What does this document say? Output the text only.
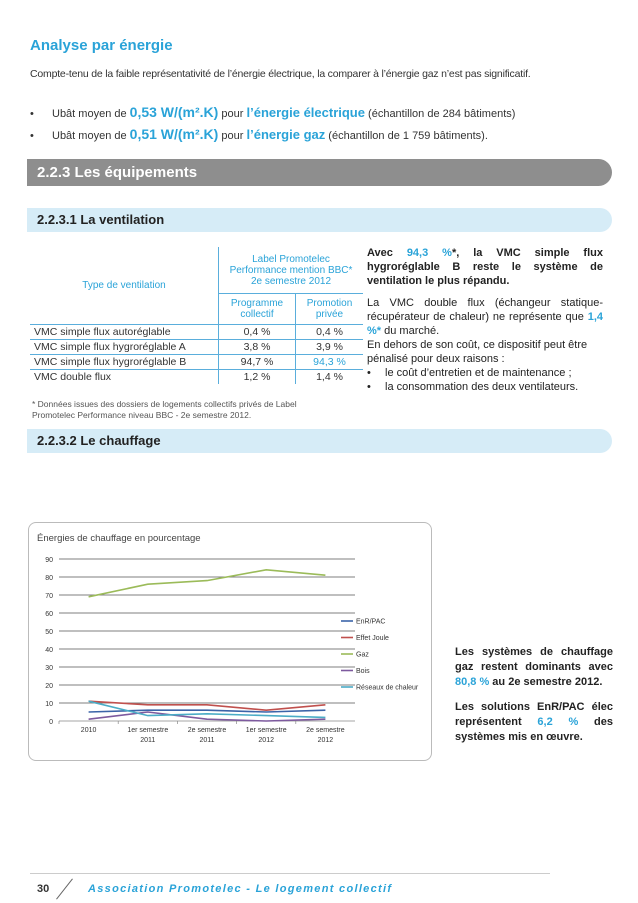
Analyse par énergie
Compte-tenu de la faible représentativité de l’énergie électrique, la comparer à l’énergie gaz n’est pas significatif.
• Ubât moyen de 0,53 W/(m².K) pour l’énergie électrique (échantillon de 284 bâtiments)
• Ubât moyen de 0,51 W/(m².K) pour l’énergie gaz (échantillon de 1 759 bâtiments).
2.2.3 Les équipements
2.2.3.1 La ventilation
Type de ventilation	Label Promotelec Performance mention BBC* 2e semestre 2012	
	Programme collectif	Promotion privée
VMC simple flux autoréglable	0,4 %	0,4 %
VMC simple flux hygroréglable A	3,8 %	3,9 %
VMC simple flux hygroréglable B	94,7 %	94,3 %
VMC double flux	1,2 %	1,4 %
* Données issues des dossiers de logements collectifs privés de Label
Promotelec Performance niveau BBC - 2e semestre 2012.

Avec 94,3 %*, la VMC simple flux hygroréglable B reste le système de ventilation le plus répandu.

La VMC double flux (échangeur statique-récupérateur de chaleur) ne représente que 1,4 %* du marché.

En dehors de son coût, ce dispositif peut être pénalisé pour deux raisons :

• le coût d’entretien et de maintenance ;
• la consommation des deux ventilateurs.
2.2.3.2 Le chauffage
Énergies de chauffage en pourcentage
0
10
20
30
40
50
60
70
80
90
2010	1er semestre
2011
2e semestre
2011
1er semestre
2012
2e semestre
2012
EnR/PAC
Effet Joule
Gaz
Bois
Réseaux de chaleur

Les systèmes de chauffage gaz restent dominants avec 80,8 % au 2e semestre 2012.

Les solutions EnR/PAC élec représentent 6,2 % des systèmes mis en œuvre.

30	Association Promotelec - Le logement collectif
